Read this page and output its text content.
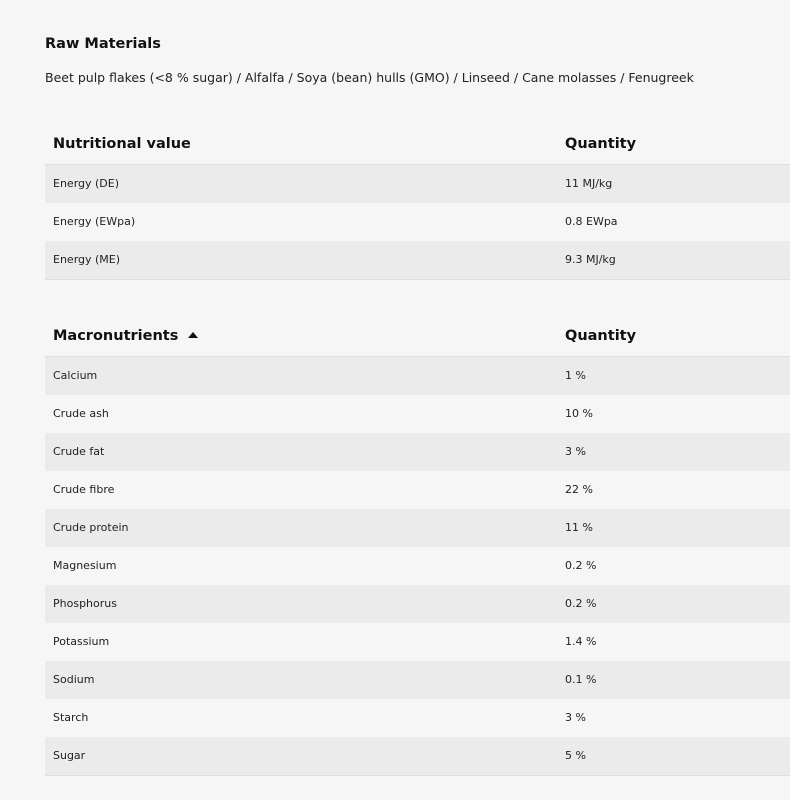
Raw Materials
Beet pulp flakes (<8 % sugar) / Alfalfa / Soya (bean) hulls (GMO) / Linseed / Cane molasses / Fenugreek
Nutritional value	Quantity
Energy (DE)	11 MJ/kg
Energy (EWpa)	0.8 EWpa
Energy (ME)	9.3 MJ/kg
Macronutrients	Quantity
Calcium	1 %
Crude ash	10 %
Crude fat	3 %
Crude fibre	22 %
Crude protein	11 %
Magnesium	0.2 %
Phosphorus	0.2 %
Potassium	1.4 %
Sodium	0.1 %
Starch	3 %
Sugar	5 %
